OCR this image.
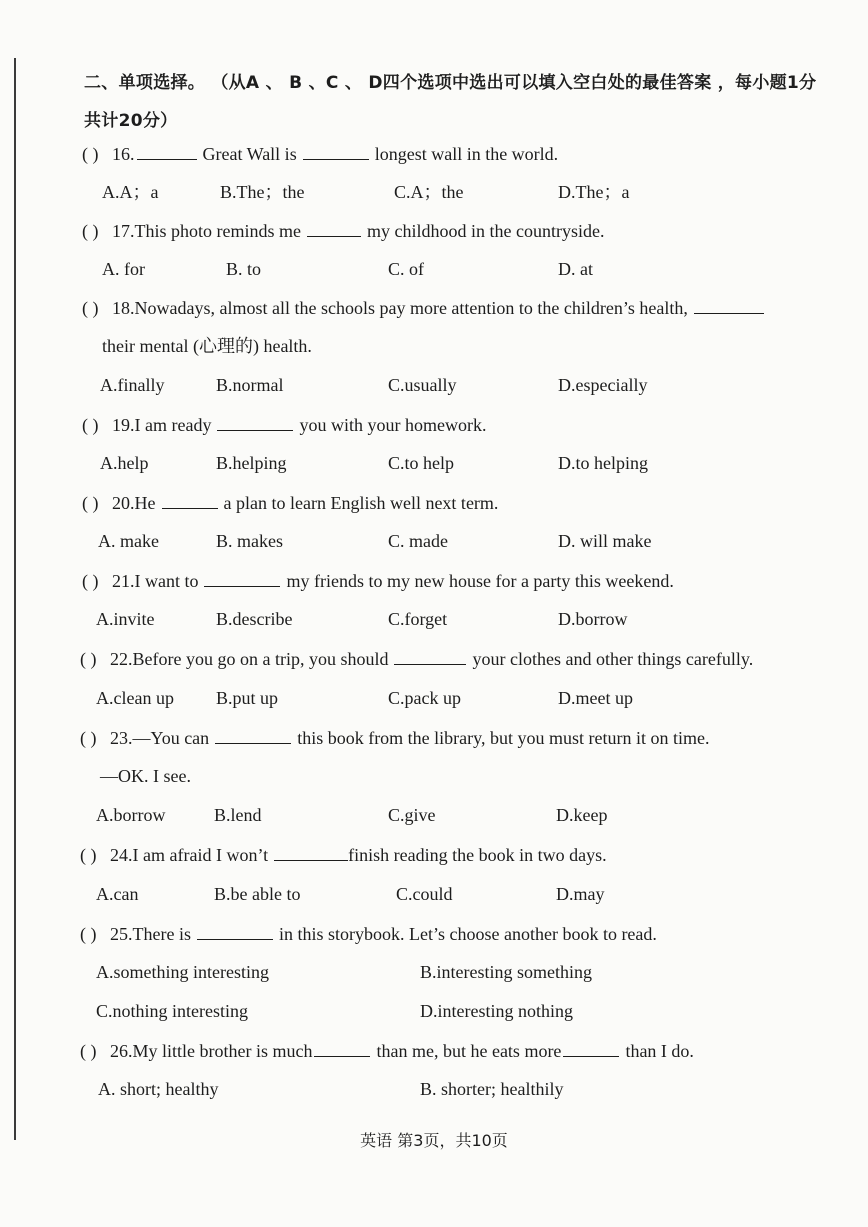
二、单项选择。 （从A 、 B 、C 、 D四个选项中选出可以填入空白处的最佳答案 ，每小题1分
共计20分）
( ) 16.	Great Wall is	longest wall in the world.
A.A；a	B.The；the	C.A；the	D.The；a
( ) 17. This photo reminds me	my childhood in the countryside.
A. for	B. to	C. of	D. at
( ) 18. Nowadays, almost all the schools pay more attention to the children’s health,
their mental (心理的) health.
A.finally	B.normal	C.usually	D.especially
( ) 19. I am ready	you with your homework.
A.help	B.helping	C.to help	D.to helping
( ) 20. He	a plan to learn English well next term.
A. make	B. makes	C. made	D. will make
( ) 21. I want to	my friends to my new house for a party this weekend.
A.invite	B.describe	C.forget	D.borrow
( ) 22. Before you go on a trip, you should	your clothes and other things carefully.
A.clean up B.put up	C.pack up	D.meet up
( ) 23. —You can	this book from the library, but you must return it on time.
—OK. I see.
A.borrow	B.lend	C.give	D.keep
( ) 24. I am afraid I won’t	finish reading the book in two days.
A.can	B.be able to	C.could	D.may
( ) 25. There is	in this storybook. Let’s choose another book to read.
A.something interesting	B.interesting something
C.nothing interesting	D.interesting nothing
( ) 26. My little brother is much	than me, but he eats more	than I do.
A. short; healthy	B. shorter; healthily
英语 第3页，共10页
